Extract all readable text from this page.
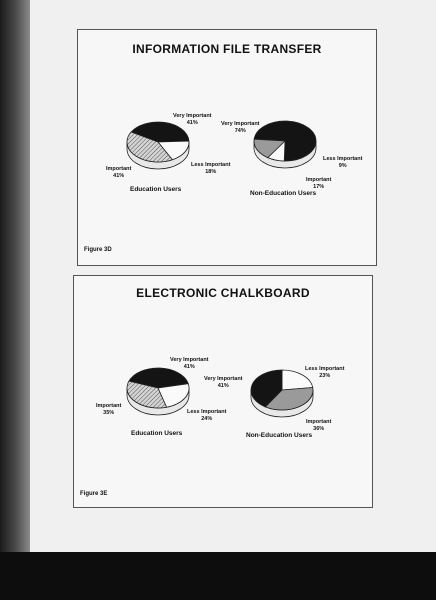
INFORMATION FILE TRANSFER
Very Important
41%
Less Important
18%
Important
41%
Education Users
Very Important
74%
Less Important
9%
Important
17%
Non-Education Users
Figure 3D
ELECTRONIC CHALKBOARD
Very Important
41%
Less Important
24%
Important
35%
Education Users
Less Important
23%
Important
36%
Very Important
41%
Non-Education Users
Figure 3E
